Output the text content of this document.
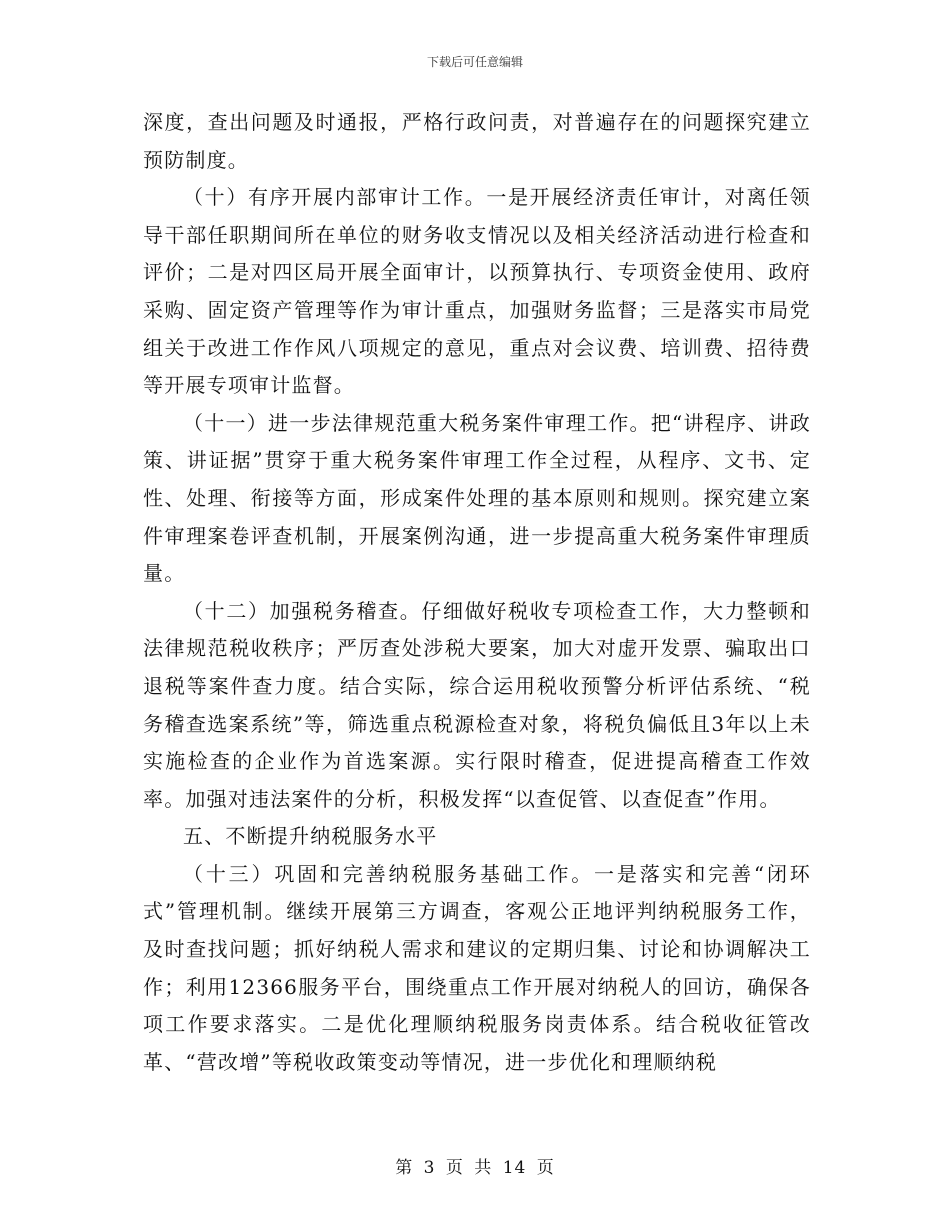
下载后可任意编辑

深度，查出问题及时通报，严格行政问责，对普遍存在的问题探究建立预防制度。

（十）有序开展内部审计工作。一是开展经济责任审计，对离任领导干部任职期间所在单位的财务收支情况以及相关经济活动进行检查和评价；二是对四区局开展全面审计，以预算执行、专项资金使用、政府采购、固定资产管理等作为审计重点，加强财务监督；三是落实市局党组关于改进工作作风八项规定的意见，重点对会议费、培训费、招待费等开展专项审计监督。

（十一）进一步法律规范重大税务案件审理工作。把“讲程序、讲政策、讲证据”贯穿于重大税务案件审理工作全过程，从程序、文书、定性、处理、衔接等方面，形成案件处理的基本原则和规则。探究建立案件审理案卷评查机制，开展案例沟通，进一步提高重大税务案件审理质量。

（十二）加强税务稽查。仔细做好税收专项检查工作，大力整顿和法律规范税收秩序；严厉查处涉税大要案，加大对虚开发票、骗取出口退税等案件查力度。结合实际，综合运用税收预警分析评估系统、“税务稽查选案系统”等，筛选重点税源检查对象，将税负偏低且3年以上未实施检查的企业作为首选案源。实行限时稽查，促进提高稽查工作效率。加强对违法案件的分析，积极发挥“以查促管、以查促查”作用。

五、不断提升纳税服务水平

（十三）巩固和完善纳税服务基础工作。一是落实和完善“闭环式”管理机制。继续开展第三方调查，客观公正地评判纳税服务工作，及时查找问题；抓好纳税人需求和建议的定期归集、讨论和协调解决工作；利用12366服务平台，围绕重点工作开展对纳税人的回访，确保各项工作要求落实。二是优化理顺纳税服务岗责体系。结合税收征管改革、“营改增”等税收政策变动等情况，进一步优化和理顺纳税

第 3 页 共 14 页
